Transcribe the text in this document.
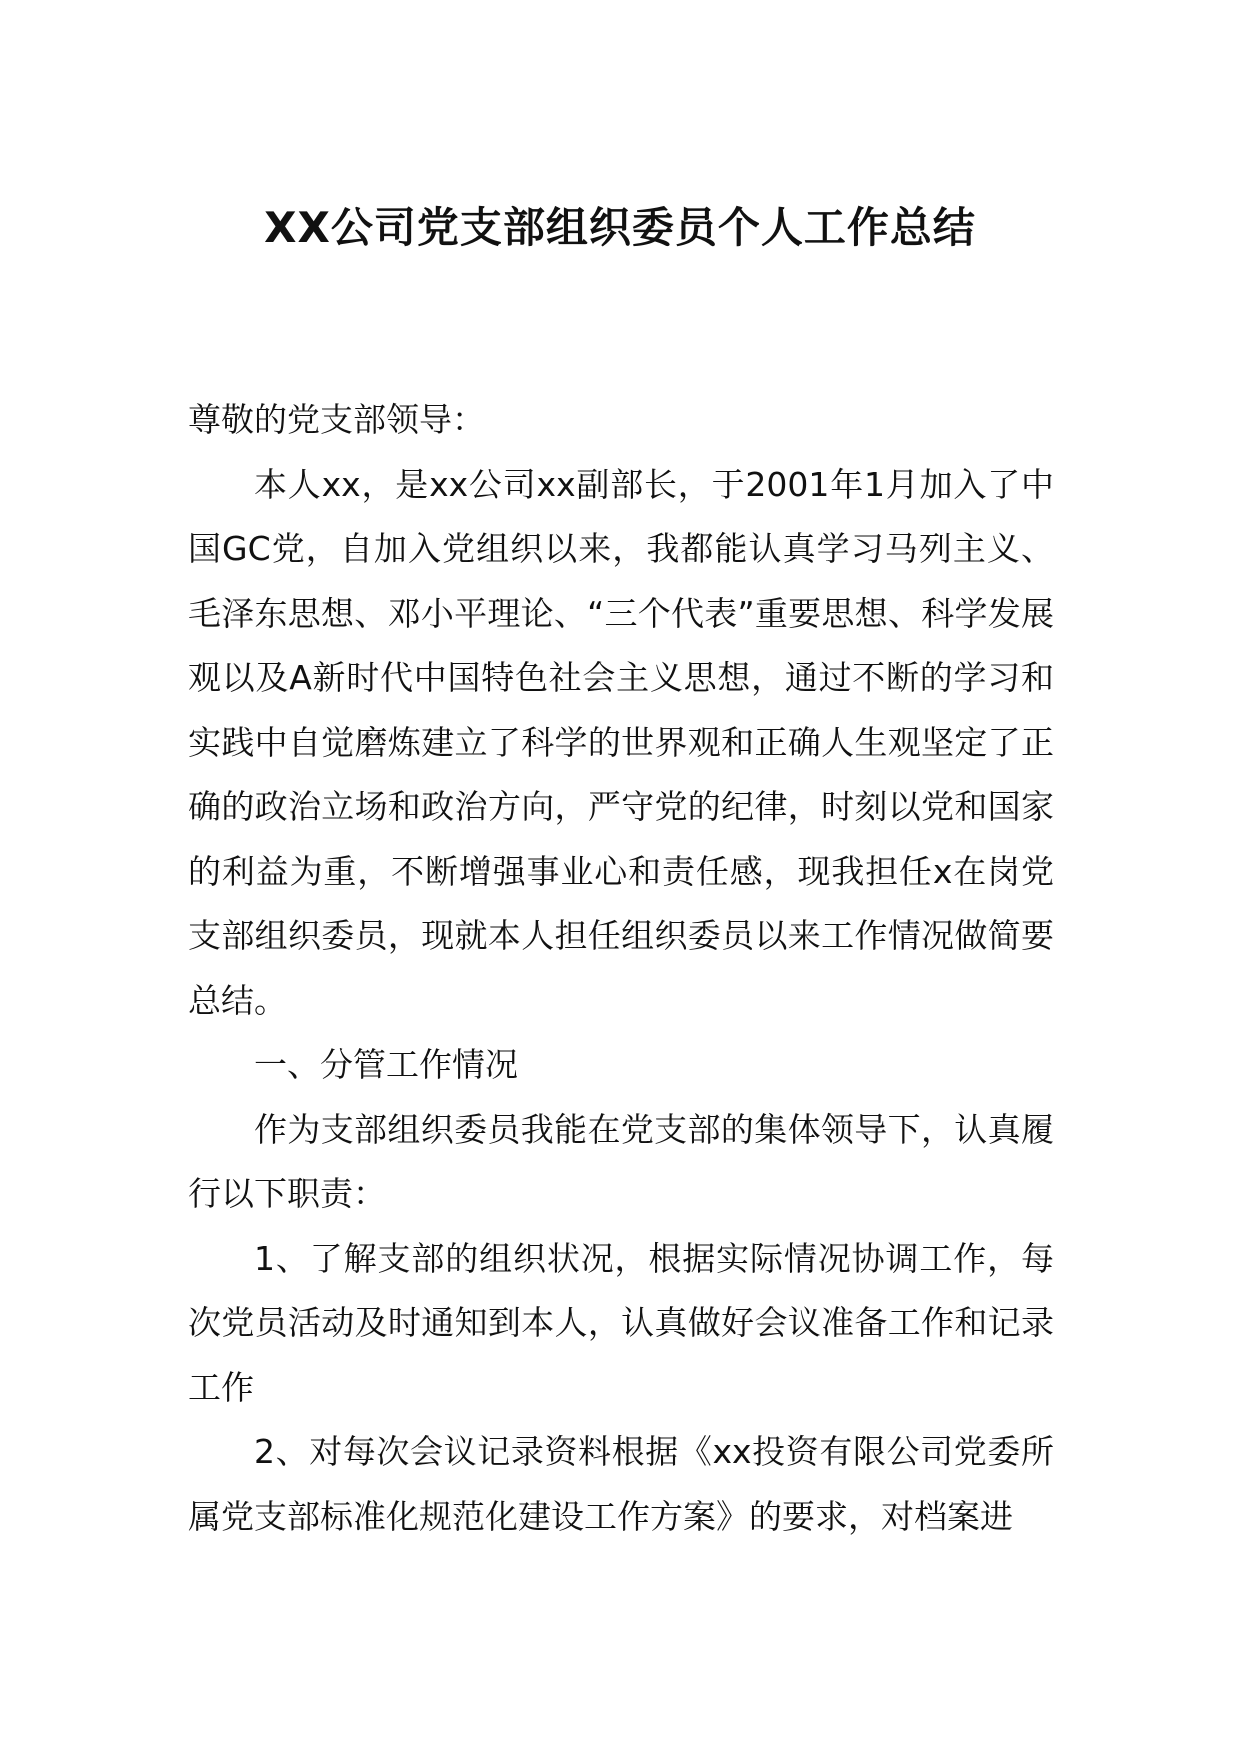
XX公司党支部组织委员个人工作总结

尊敬的党支部领导：

本人xx，是xx公司xx副部长，于2001年1月加入了中国GC党，自加入党组织以来，我都能认真学习马列主义、毛泽东思想、邓小平理论、“三个代表”重要思想、科学发展观以及A新时代中国特色社会主义思想，通过不断的学习和实践中自觉磨炼建立了科学的世界观和正确人生观坚定了正确的政治立场和政治方向，严守党的纪律，时刻以党和国家的利益为重，不断增强事业心和责任感，现我担任x在岗党支部组织委员，现就本人担任组织委员以来工作情况做简要总结。

一、分管工作情况

作为支部组织委员我能在党支部的集体领导下，认真履行以下职责：

1、了解支部的组织状况，根据实际情况协调工作，每次党员活动及时通知到本人，认真做好会议准备工作和记录工作

2、对每次会议记录资料根据《xx投资有限公司党委所属党支部标准化规范化建设工作方案》的要求，对档案进
